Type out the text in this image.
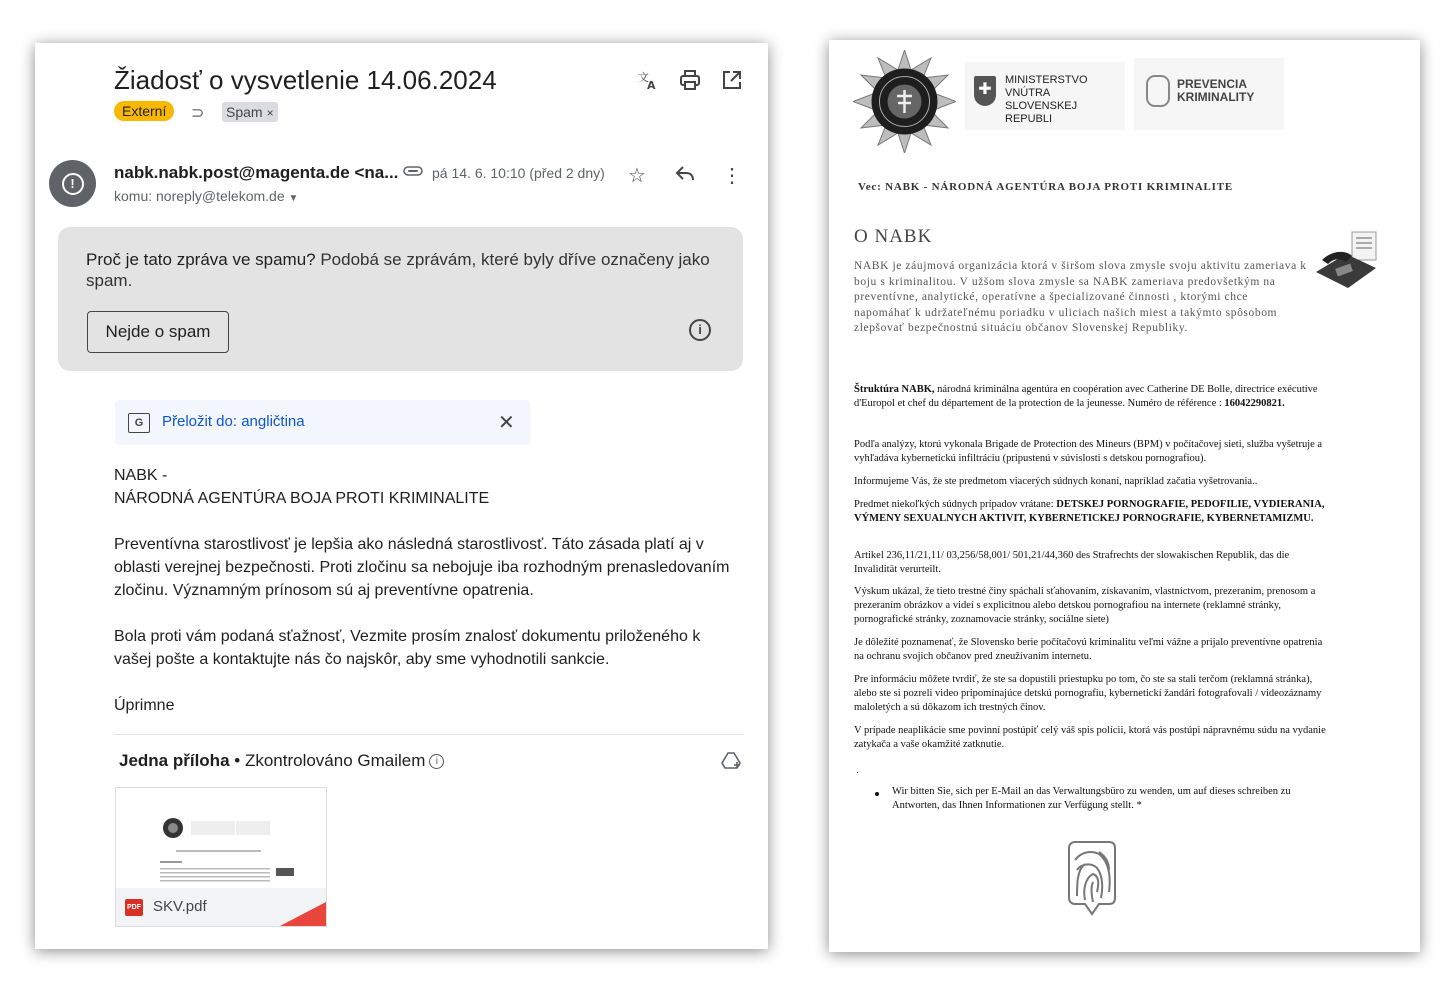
Žiadosť o vysvetlenie 14.06.2024
Externí	⊃ Spam ×
文
A
!
nabk.nabk.post@magenta.de <na... pá 14. 6. 10:10 (před 2 dny)
komu: noreply@telekom.de ▼
☆	⋮
Proč je tato zpráva ve spamu? Podobá se zprávám, které byly dříve označeny jako spam.
Nejde o spam	i
G	Přeložit do: angličtina	✕
NABK -
NÁRODNÁ AGENTÚRA BOJA PROTI KRIMINALITE
Preventívna starostlivosť je lepšia ako následná starostlivosť. Táto zásada platí aj v oblasti verejnej bezpečnosti. Proti zločinu sa nebojuje iba rozhodným prenasledovaním zločinu. Významným prínosom sú aj preventívne opatrenia.
Bola proti vám podaná sťažnosť, Vezmite prosím znalosť dokumentu priloženého k vašej pošte a kontaktujte nás čo najskôr, aby sme vyhodnotili sankcie.
Úprimne
Jedna příloha • Zkontrolováno Gmailem i
PDF SKV.pdf
✚
MINISTERSTVO
VNÚTRA
SLOVENSKEJ REPUBLI
PREVENCIA
KRIMINALITY
Vec: NABK - NÁRODNÁ AGENTÚRA BOJA PROTI KRIMINALITE
O NABK
NABK je záujmová organizácia ktorá v širšom slova zmysle svoju aktivitu zameriava k boju s kriminalitou. V užšom slova zmysle sa NABK zameriava predovšetkým na preventívne, analytické, operatívne a špecializované činnosti , ktorými chce napomáhať k udržateľnému poriadku v uliciach našich miest a takýmto spôsobom zlepšovať bezpečnostnú situáciu občanov Slovenskej Republiky.
Štruktúra NABK, národná kriminálna agentúra en coopération avec Catherine DE Bolle, directrice exécutive d'Europol et chef du département de la protection de la jeunesse. Numéro de référence : 16042290821.
Podľa analýzy, ktorú vykonala Brigade de Protection des Mineurs (BPM) v počítačovej sieti, služba vyšetruje a vyhľadáva kybernetickú infiltráciu (pripustenú v súvislosti s detskou pornografiou).
Informujeme Vás, že ste predmetom viacerých súdnych konaní, napríklad začatia vyšetrovania..
Predmet niekoľkých súdnych prípadov vrátane: DETSKEJ PORNOGRAFIE, PEDOFILIE, VYDIERANIA, VÝMENY SEXUALNYCH AKTIVIT, KYBERNETICKEJ PORNOGRAFIE, KYBERNETAMIZMU.
Artikel 236,11/21,11/ 03,256/58,001/ 501,21/44,360 des Strafrechts der slowakischen Republik, das die Invalidität verurteilt.
Výskum ukázal, že tieto trestné činy spáchali sťahovaním, získavaním, vlastníctvom, prezeraním, prenosom a prezeraním obrázkov a videí s explicitnou alebo detskou pornografiou na internete (reklamné stránky, pornografické stránky, zoznamovacie stránky, sociálne siete)
Je dôležité poznamenať, že Slovensko berie počítačovú kriminalitu veľmi vážne a prijalo preventívne opatrenia na ochranu svojich občanov pred zneužívaním internetu.
Pre informáciu môžete tvrdiť, že ste sa dopustili priestupku po tom, čo ste sa stali terčom (reklamná stránka), alebo ste si pozreli video pripomínajúce detskú pornografiu, kybernetickí žandári fotografovali / videozáznamy maloletých a sú dôkazom ich trestných činov.
V prípade neaplikácie sme povinní postúpiť celý váš spis polícii, ktorá vás postúpi nápravnému súdu na vydanie zatykača a vaše okamžité zatknutie.
.
Wir bitten Sie, sich per E-Mail an das Verwaltungsbüro zu wenden, um auf dieses schreiben zu Antworten, das Ihnen Informationen zur Verfügung stellt. *
